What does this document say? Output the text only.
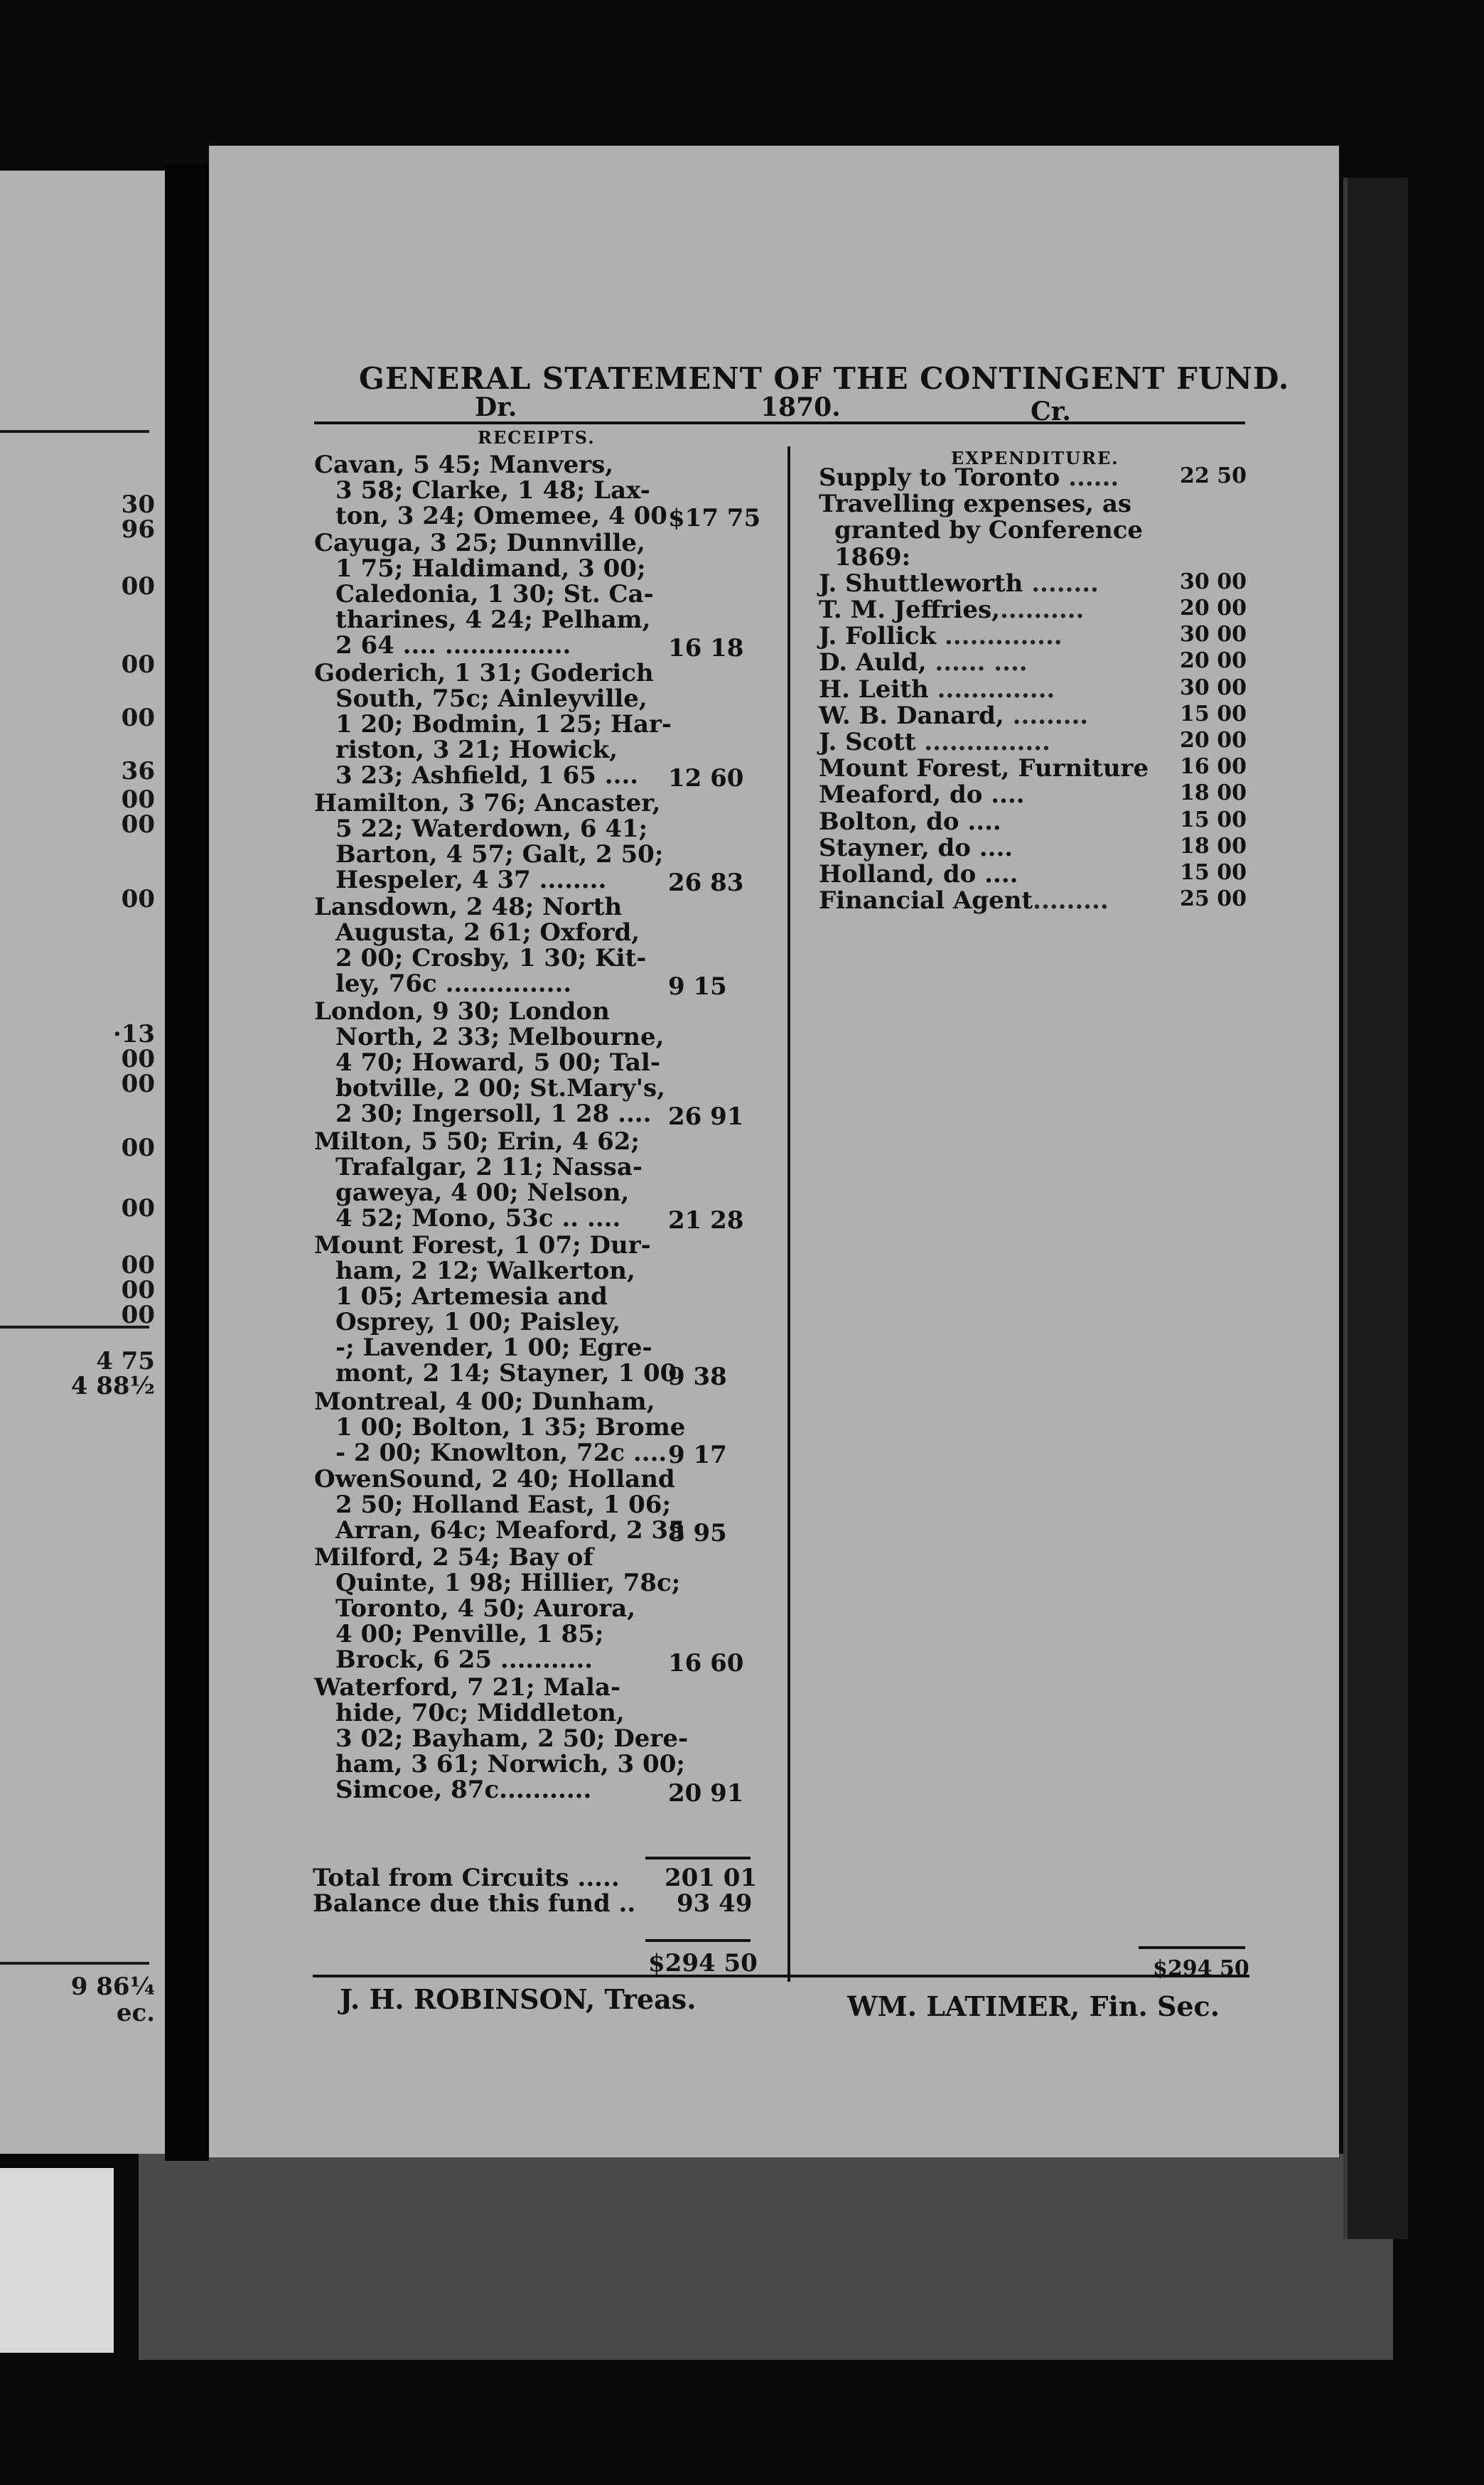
30
96
00
00
00
36
00
00
00
·13
00
00
00
00
00
00
00
4 75
4 88½
9 86¼
ec.
GENERAL STATEMENT OF THE CONTINGENT FUND.
Dr.	1870.	Cr.
RECEIPTS.
EXPENDITURE.
Cavan, 5 45; Manvers,
3 58; Clarke, 1 48; Lax-
ton, 3 24; Omemee, 4 00 $17 75
Cayuga, 3 25; Dunnville,
1 75; Haldimand, 3 00;
Caledonia, 1 30; St. Ca-
tharines, 4 24; Pelham,
2 64 .... ...............	16 18
Goderich, 1 31; Goderich
South, 75c; Ainleyville,
1 20; Bodmin, 1 25; Har-
riston, 3 21; Howick,
3 23; Ashfield, 1 65 ....	12 60
Hamilton, 3 76; Ancaster,
5 22; Waterdown, 6 41;
Barton, 4 57; Galt, 2 50;
Hespeler, 4 37 ........	26 83
Lansdown, 2 48; North
Augusta, 2 61; Oxford,
2 00; Crosby, 1 30; Kit-
ley, 76c ...............	9 15
London, 9 30; London
North, 2 33; Melbourne,
4 70; Howard, 5 00; Tal-
botville, 2 00; St.Mary's,
2 30; Ingersoll, 1 28 .... 26 91
Milton, 5 50; Erin, 4 62;
Trafalgar, 2 11; Nassa-
gaweya, 4 00; Nelson,
4 52; Mono, 53c .. ....	21 28
Mount Forest, 1 07; Dur-
ham, 2 12; Walkerton,
1 05; Artemesia and
Osprey, 1 00; Paisley,
-; Lavender, 1 00; Egre-
mont, 2 14; Stayner, 1 00
9 38
Montreal, 4 00; Dunham,
1 00; Bolton, 1 35; Brome
- 2 00; Knowlton, 72c .... 9 17
OwenSound, 2 40; Holland
2 50; Holland East, 1 06;
Arran, 64c; Meaford, 2 35
8 95
Milford, 2 54; Bay of
Quinte, 1 98; Hillier, 78c;
Toronto, 4 50; Aurora,
4 00; Penville, 1 85;
Brock, 6 25 ...........	16 60
Waterford, 7 21; Mala-
hide, 70c; Middleton,
3 02; Bayham, 2 50; Dere-
ham, 3 61; Norwich, 3 00;
Simcoe, 87c...........	20 91
Supply to Toronto ......	22 50
Travelling expenses, as
granted by Conference
1869:
J. Shuttleworth ........	30 00
T. M. Jeffries,..........	20 00
J. Follick ..............	30 00
D. Auld, ...... ....	20 00
H. Leith ..............	30 00
W. B. Danard, .........	15 00
J. Scott ...............	20 00
Mount Forest, Furniture	16 00
Meaford, do ....	18 00
Bolton, do ....	15 00
Stayner, do ....	18 00
Holland, do ....	15 00
Financial Agent.........	25 00
Total from Circuits ..... 201 01
Balance due this fund .. 93 49
$294 50	$294 50
J. H. ROBINSON, Treas.	WM. LATIMER, Fin. Sec.
